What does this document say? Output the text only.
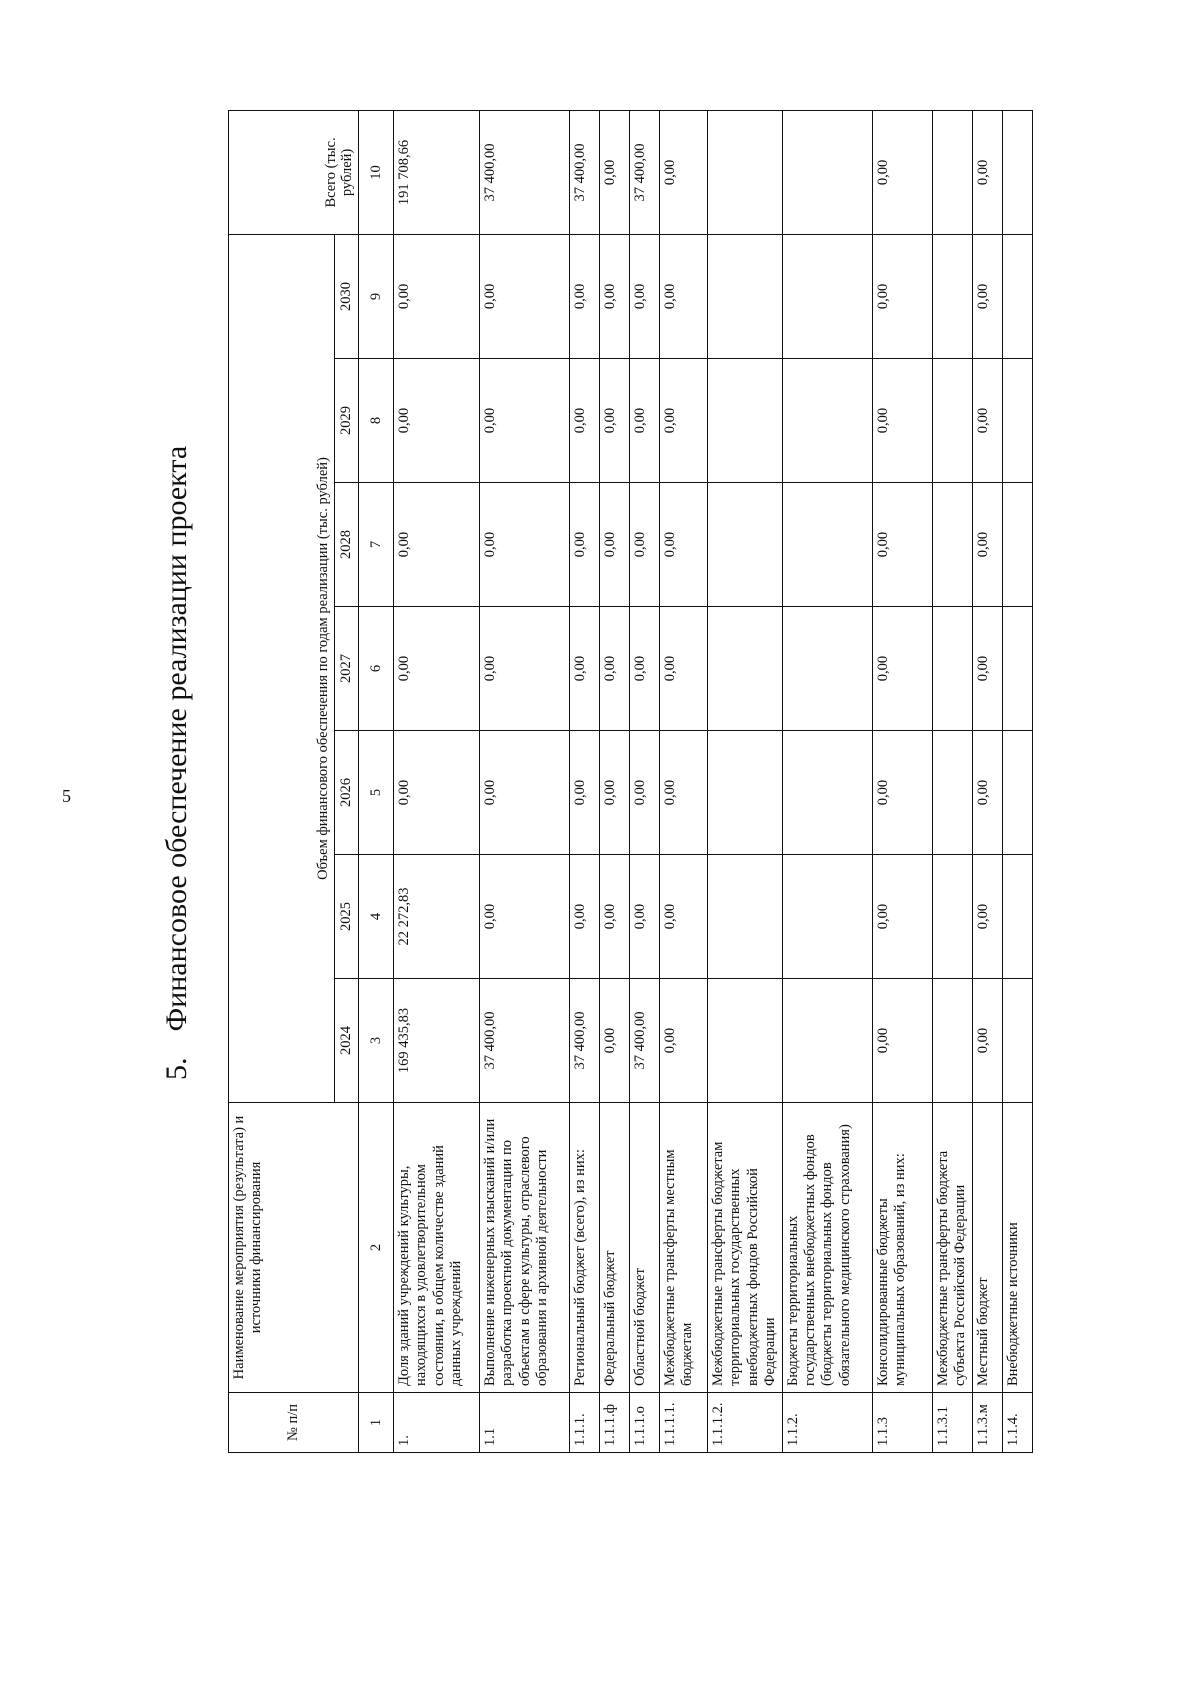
5
5.Финансовое обеспечение реализации проекта
№ п/п	Наименование мероприятия (результата) и источники финансирования	Объем финансового обеспечения по годам реализации (тыс. рублей)							Всего (тыс. рублей)
		2024	2025	2026	2027	2028	2029	2030	
1	2	3	4	5	6	7	8	9	10
1.	Доля зданий учреждений культуры, находящихся в удовлетворительном состоянии, в общем количестве зданий данных учреждений	169 435,83	22 272,83	0,00	0,00	0,00	0,00	0,00	191 708,66
1.1	Выполнение инженерных изысканий и/или разработка проектной документации по объектам в сфере культуры, отраслевого образования и архивной деятельности	37 400,00	0,00	0,00	0,00	0,00	0,00	0,00	37 400,00
1.1.1.	Региональный бюджет (всего), из них:	37 400,00	0,00	0,00	0,00	0,00	0,00	0,00	37 400,00
1.1.1.ф	Федеральный бюджет	0,00	0,00	0,00	0,00	0,00	0,00	0,00	0,00
1.1.1.о	Областной бюджет	37 400,00	0,00	0,00	0,00	0,00	0,00	0,00	37 400,00
1.1.1.1.	Межбюджетные трансферты местным бюджетам	0,00	0,00	0,00	0,00	0,00	0,00	0,00	0,00
1.1.1.2.	Межбюджетные трансферты бюджетам территориальных государственных внебюджетных фондов Российской Федерации								
1.1.2.	Бюджеты территориальных государственных внебюджетных фондов (бюджеты территориальных фондов обязательного медицинского страхования)								
1.1.3	Консолидированные бюджеты муниципальных образований, из них:	0,00	0,00	0,00	0,00	0,00	0,00	0,00	0,00
1.1.3.1	Межбюджетные трансферты бюджета субъекта Российской Федерации								
1.1.3.м	Местный бюджет	0,00	0,00	0,00	0,00	0,00	0,00	0,00	0,00
1.1.4.	Внебюджетные источники								
